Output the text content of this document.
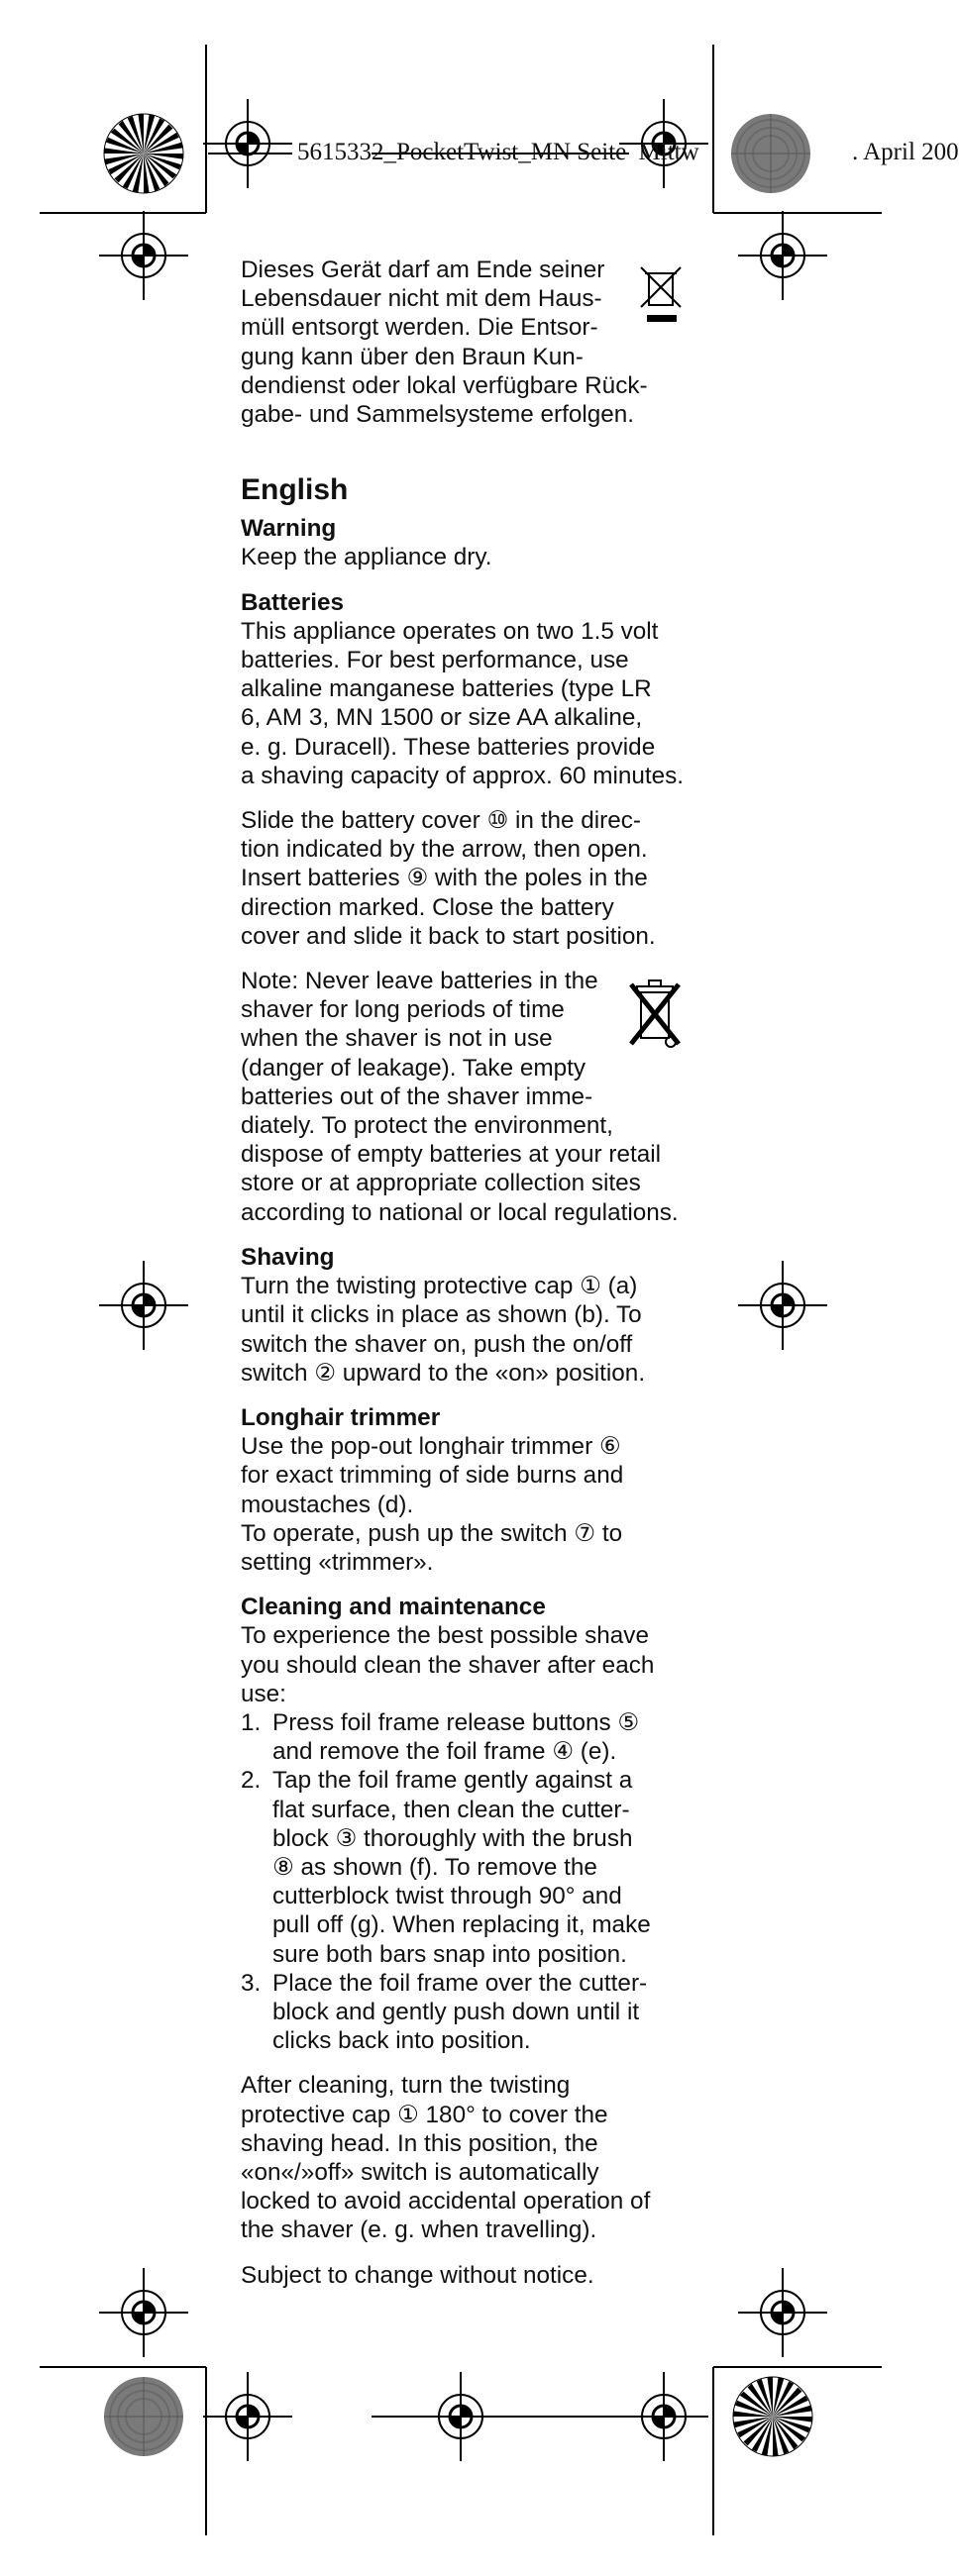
5615332_PocketTwist_MN Seite Mittw	. April 200

Dieses Gerät darf am Ende seiner

Lebensdauer nicht mit dem Haus-

müll entsorgt werden. Die Entsor-

gung kann über den Braun Kun-

dendienst oder lokal verfügbare Rück-

gabe- und Sammelsysteme erfolgen.

English

Warning

Keep the appliance dry.

Batteries

This appliance operates on two 1.5 volt

batteries. For best performance, use

alkaline manganese batteries (type LR

6, AM 3, MN 1500 or size AA alkaline,

e. g. Duracell). These batteries provide

a shaving capacity of approx. 60 minutes.

Slide the battery cover ⑩ in the direc-

tion indicated by the arrow, then open.

Insert batteries ⑨ with the poles in the

direction marked. Close the battery

cover and slide it back to start position.

Note: Never leave batteries in the

shaver for long periods of time

when the shaver is not in use

(danger of leakage). Take empty

batteries out of the shaver imme-

diately. To protect the environment,

dispose of empty batteries at your retail

store or at appropriate collection sites

according to national or local regulations.

Shaving

Turn the twisting protective cap ① (a)

until it clicks in place as shown (b). To

switch the shaver on, push the on/off

switch ② upward to the «on» position.

Longhair trimmer

Use the pop-out longhair trimmer ⑥

for exact trimming of side burns and

moustaches (d).

To operate, push up the switch ⑦ to

setting «trimmer».

Cleaning and maintenance

To experience the best possible shave

you should clean the shaver after each

use:

1. Press foil frame release buttons ⑤

and remove the foil frame ④ (e).

2. Tap the foil frame gently against a

flat surface, then clean the cutter-

block ③ thoroughly with the brush

⑧ as shown (f). To remove the

cutterblock twist through 90° and

pull off (g). When replacing it, make

sure both bars snap into position.

3. Place the foil frame over the cutter-

block and gently push down until it

clicks back into position.

After cleaning, turn the twisting

protective cap ① 180° to cover the

shaving head. In this position, the

«on«/»off» switch is automatically

locked to avoid accidental operation of

the shaver (e. g. when travelling).

Subject to change without notice.
